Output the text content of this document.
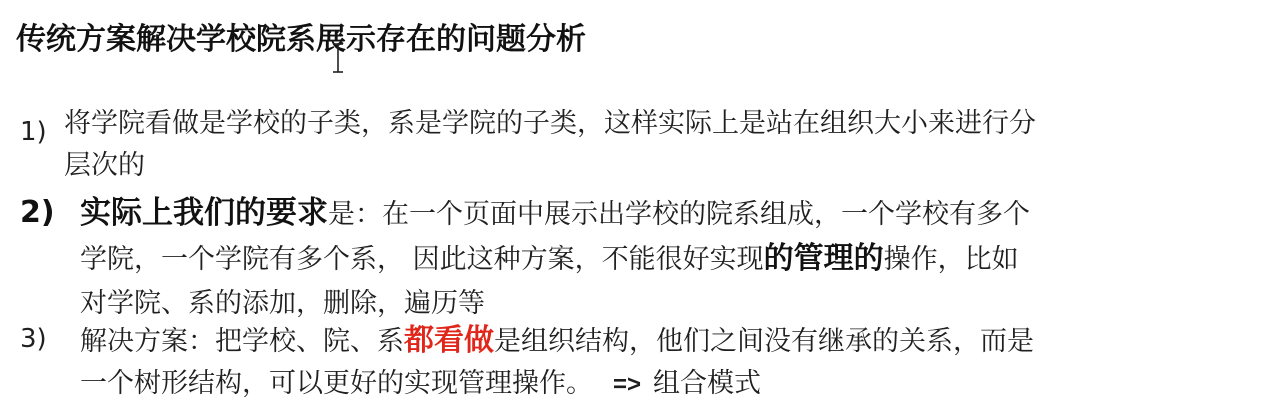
传统方案解决学校院系展示存在的问题分析
1) 将学院看做是学校的子类，系是学院的子类，这样实际上是站在组织大小来进行分
层次的
2) 实际上我们的要求是：在一个页面中展示出学校的院系组成，一个学校有多个
学院，一个学院有多个系， 因此这种方案，不能很好实现的管理的操作，比如
对学院、系的添加，删除，遍历等
3) 解决方案：把学校、院、系都看做是组织结构，他们之间没有继承的关系，而是
一个树形结构，可以更好的实现管理操作。 => 组合模式
